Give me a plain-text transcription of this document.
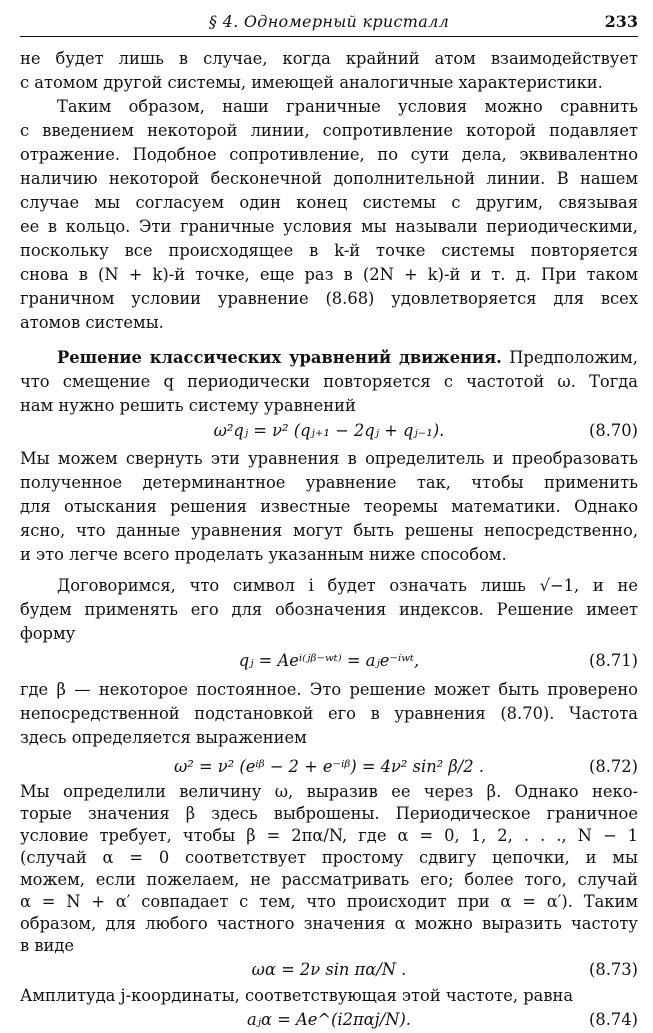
§ 4. Одномерный кристалл	233
не будет лишь в случае, когда крайний атом взаимодействует
с атомом другой системы, имеющей аналогичные характеристики.
Таким образом, наши граничные условия можно сравнить
с введением некоторой линии, сопротивление которой подавляет
отражение. Подобное сопротивление, по сути дела, эквивалентно
наличию некоторой бесконечной дополнительной линии. В нашем
случае мы согласуем один конец системы с другим, связывая
ее в кольцо. Эти граничные условия мы называли периодическими,
поскольку все происходящее в k-й точке системы повторяется
снова в (N + k)-й точке, еще раз в (2N + k)-й и т. д. При таком
граничном условии уравнение (8.68) удовлетворяется для всех
атомов системы.
Решение классических уравнений движения. Предположим,
что смещение q периодически повторяется с частотой ω. Тогда
нам нужно решить систему уравнений
ω²qⱼ = ν² (qⱼ₊₁ − 2qⱼ + qⱼ₋₁).	(8.70)
Мы можем свернуть эти уравнения в определитель и преобразовать
полученное детерминантное уравнение так, чтобы применить
для отыскания решения известные теоремы математики. Однако
ясно, что данные уравнения могут быть решены непосредственно,
и это легче всего проделать указанным ниже способом.
Договоримся, что символ i будет означать лишь √−1, и не
будем применять его для обозначения индексов. Решение имеет
форму
qⱼ = Aeⁱ⁽ʲᵝ⁻ʷᵗ⁾ = aⱼe⁻ⁱʷᵗ,	(8.71)
где β — некоторое постоянное. Это решение может быть проверено
непосредственной подстановкой его в уравнения (8.70). Частота
здесь определяется выражением
ω² = ν² (eⁱᵝ − 2 + e⁻ⁱᵝ) = 4ν² sin² β/2 .	(8.72)
Мы определили величину ω, выразив ее через β. Однако неко-
торые значения β здесь выброшены. Периодическое граничное
условие требует, чтобы β = 2πα/N, где α = 0, 1, 2, . . ., N − 1
(случай α = 0 соответствует простому сдвигу цепочки, и мы
можем, если пожелаем, не рассматривать его; более того, случай
α = N + α′ совпадает с тем, что происходит при α = α′). Таким
образом, для любого частного значения α можно выразить частоту
в виде
ωα = 2ν sin πα/N .	(8.73)
Амплитуда j-координаты, соответствующая этой частоте, равна
aⱼα = Ae^(i2παj/N).	(8.74)
